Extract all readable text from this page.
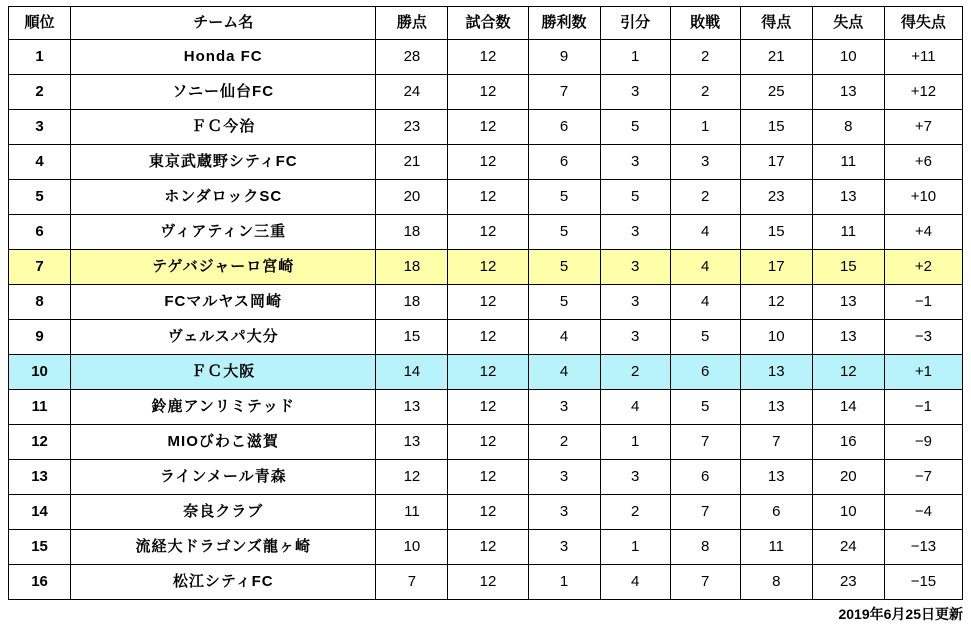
順位	チーム名	勝点	試合数	勝利数	引分	敗戦	得点	失点	得失点
1	Honda FC	28	12	9	1	2	21	10	+11
2	ソニー仙台FC	24	12	7	3	2	25	13	+12
3	ＦＣ今治	23	12	6	5	1	15	8	+7
4	東京武蔵野シティFC	21	12	6	3	3	17	11	+6
5	ホンダロックSC	20	12	5	5	2	23	13	+10
6	ヴィアティン三重	18	12	5	3	4	15	11	+4
7	テゲバジャーロ宮崎	18	12	5	3	4	17	15	+2
8	FCマルヤス岡崎	18	12	5	3	4	12	13	−1
9	ヴェルスパ大分	15	12	4	3	5	10	13	−3
10	ＦＣ大阪	14	12	4	2	6	13	12	+1
11	鈴鹿アンリミテッド	13	12	3	4	5	13	14	−1
12	MIOびわこ滋賀	13	12	2	1	7	7	16	−9
13	ラインメール青森	12	12	3	3	6	13	20	−7
14	奈良クラブ	11	12	3	2	7	6	10	−4
15	流経大ドラゴンズ龍ヶ崎	10	12	3	1	8	11	24	−13
16	松江シティFC	7	12	1	4	7	8	23	−15
2019年6月25日更新
